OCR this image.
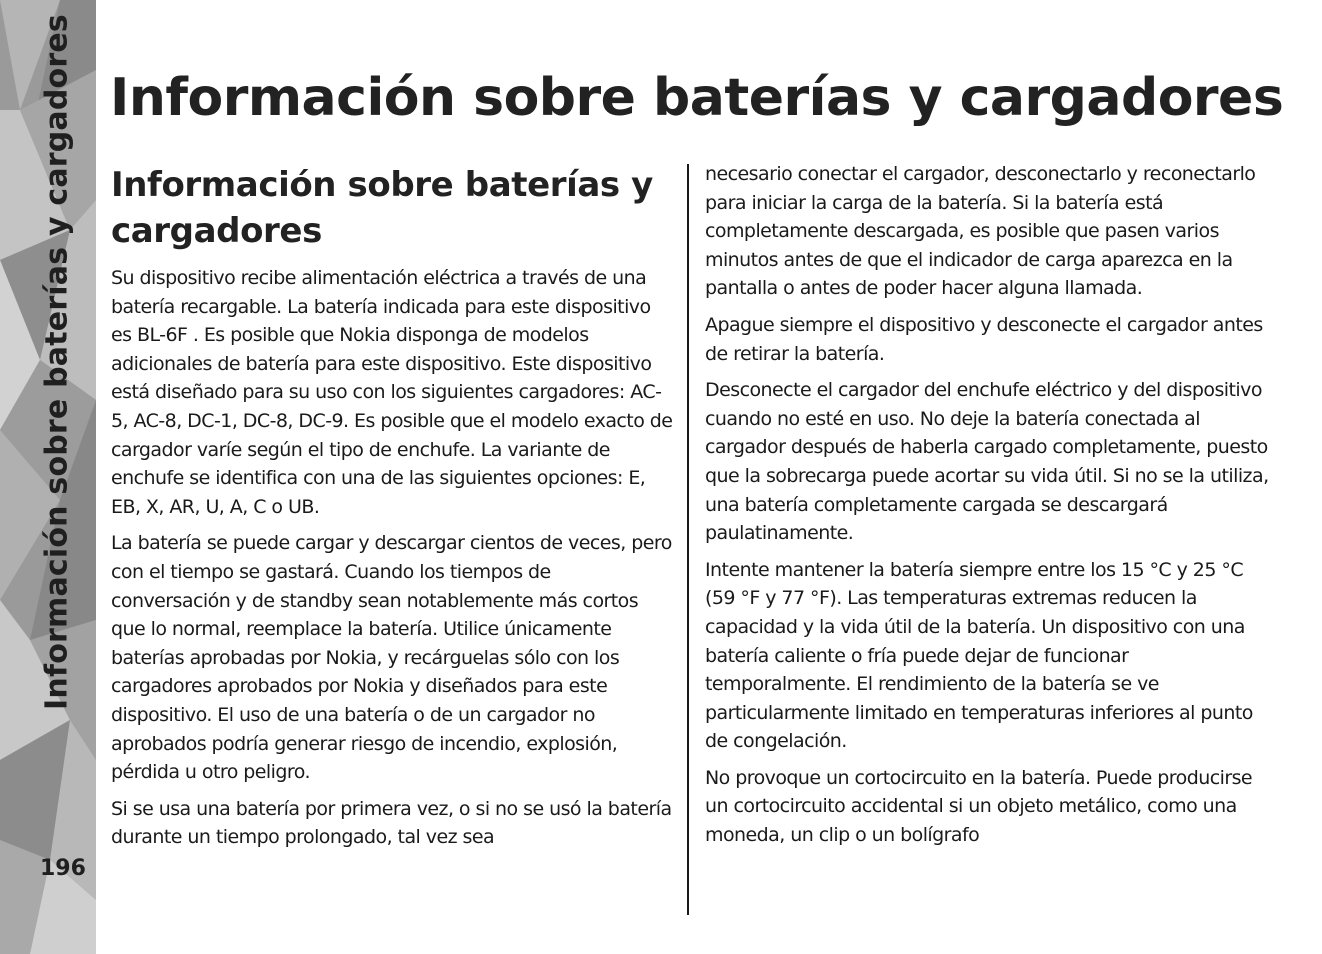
Información sobre baterías y cargadores
196
Información sobre baterías y cargadores
Información sobre baterías y cargadores

Su dispositivo recibe alimentación eléctrica a través de una batería recargable. La batería indicada para este dispositivo es BL-6F . Es posible que Nokia disponga de modelos adicionales de batería para este dispositivo. Este dispositivo está diseñado para su uso con los siguientes cargadores: AC-5, AC-8, DC-1, DC-8, DC-9. Es posible que el modelo exacto de cargador varíe según el tipo de enchufe. La variante de enchufe se identifica con una de las siguientes opciones: E, EB, X, AR, U, A, C o UB.

La batería se puede cargar y descargar cientos de veces, pero con el tiempo se gastará. Cuando los tiempos de conversación y de standby sean notablemente más cortos que lo normal, reemplace la batería. Utilice únicamente baterías aprobadas por Nokia, y recárguelas sólo con los cargadores aprobados por Nokia y diseñados para este dispositivo. El uso de una batería o de un cargador no aprobados podría generar riesgo de incendio, explosión, pérdida u otro peligro.

Si se usa una batería por primera vez, o si no se usó la batería durante un tiempo prolongado, tal vez sea

necesario conectar el cargador, desconectarlo y reconectarlo para iniciar la carga de la batería. Si la batería está completamente descargada, es posible que pasen varios minutos antes de que el indicador de carga aparezca en la pantalla o antes de poder hacer alguna llamada.

Apague siempre el dispositivo y desconecte el cargador antes de retirar la batería.

Desconecte el cargador del enchufe eléctrico y del dispositivo cuando no esté en uso. No deje la batería conectada al cargador después de haberla cargado completamente, puesto que la sobrecarga puede acortar su vida útil. Si no se la utiliza, una batería completamente cargada se descargará paulatinamente.

Intente mantener la batería siempre entre los 15 °C y 25 °C (59 °F y 77 °F). Las temperaturas extremas reducen la capacidad y la vida útil de la batería. Un dispositivo con una batería caliente o fría puede dejar de funcionar temporalmente. El rendimiento de la batería se ve particularmente limitado en temperaturas inferiores al punto de congelación.

No provoque un cortocircuito en la batería. Puede producirse un cortocircuito accidental si un objeto metálico, como una moneda, un clip o un bolígrafo
